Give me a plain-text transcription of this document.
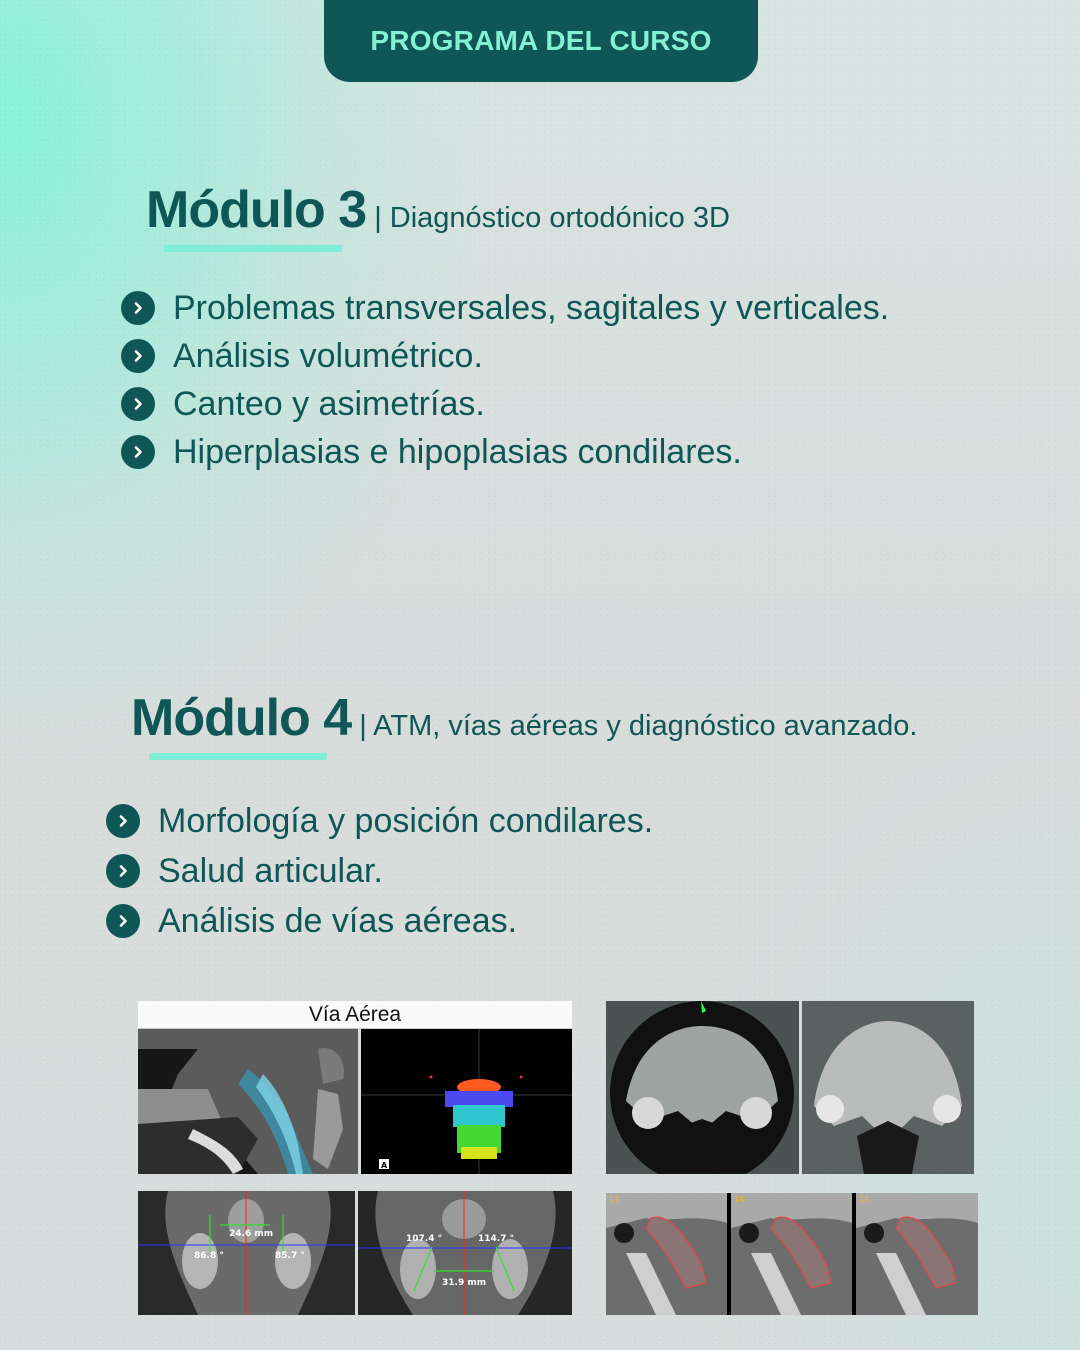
PROGRAMA DEL CURSO
Módulo 3 | Diagnóstico ortodónico 3D
Problemas transversales, sagitales y verticales.
Análisis volumétrico.
Canteo y asimetrías.
Hiperplasias e hipoplasias condilares.
Módulo 4 | ATM, vías aéreas y diagnóstico avanzado.
Morfología y posición condilares.
Salud articular.
Análisis de vías aéreas.
Vía Aérea
A
24.6 mm
86.8 °	85.7 °
107.4 °	114.7 °
31.9 mm
13	14	15
